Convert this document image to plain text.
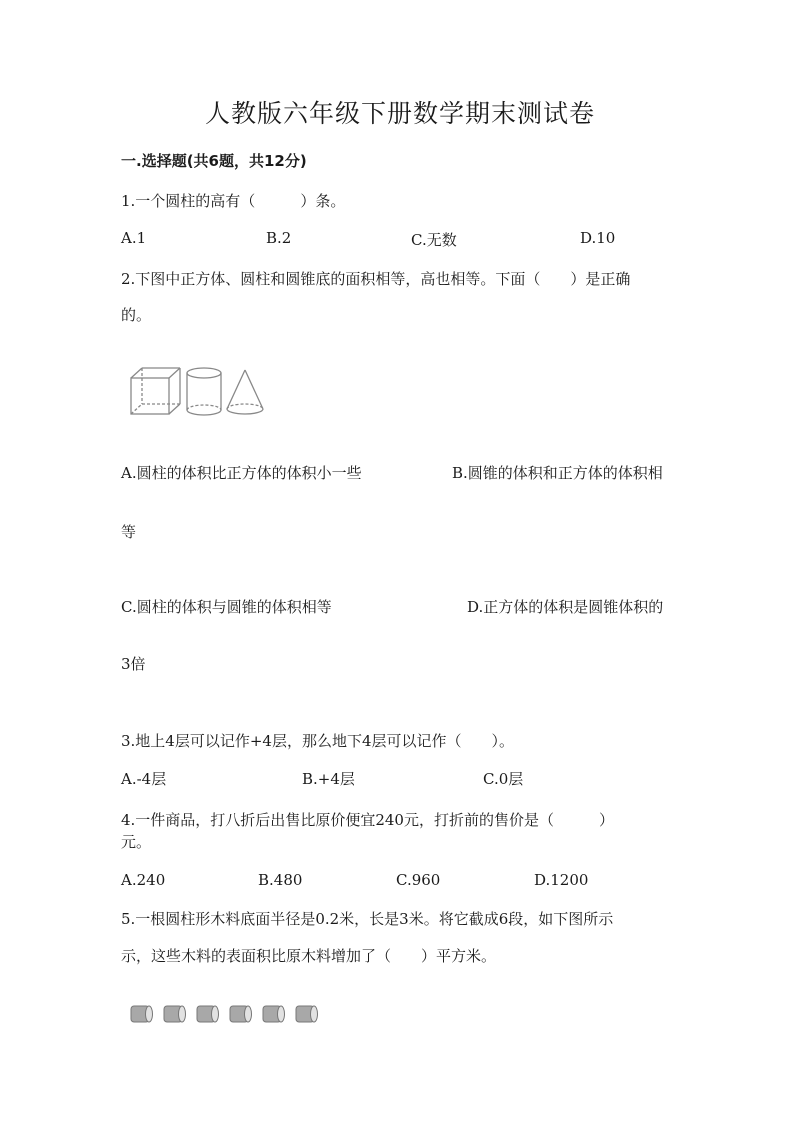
人教版六年级下册数学期末测试卷
一.选择题(共6题，共12分)
1.一个圆柱的高有（　　　）条。
A.1	B.2	C.无数	D.10
2.下图中正方体、圆柱和圆锥底的面积相等，高也相等。下面（　　）是正确
的。
A.圆柱的体积比正方体的体积小一些	B.圆锥的体积和正方体的体积相
等
C.圆柱的体积与圆锥的体积相等	D.正方体的体积是圆锥体积的
3倍
3.地上4层可以记作+4层，那么地下4层可以记作（　　）。
A.-4层	B.+4层	C.0层
4.一件商品，打八折后出售比原价便宜240元，打折前的售价是（　　　）
元。
A.240	B.480	C.960	D.1200
5.一根圆柱形木料底面半径是0.2米，长是3米。将它截成6段，如下图所示
示，这些木料的表面积比原木料增加了（　　）平方米。
